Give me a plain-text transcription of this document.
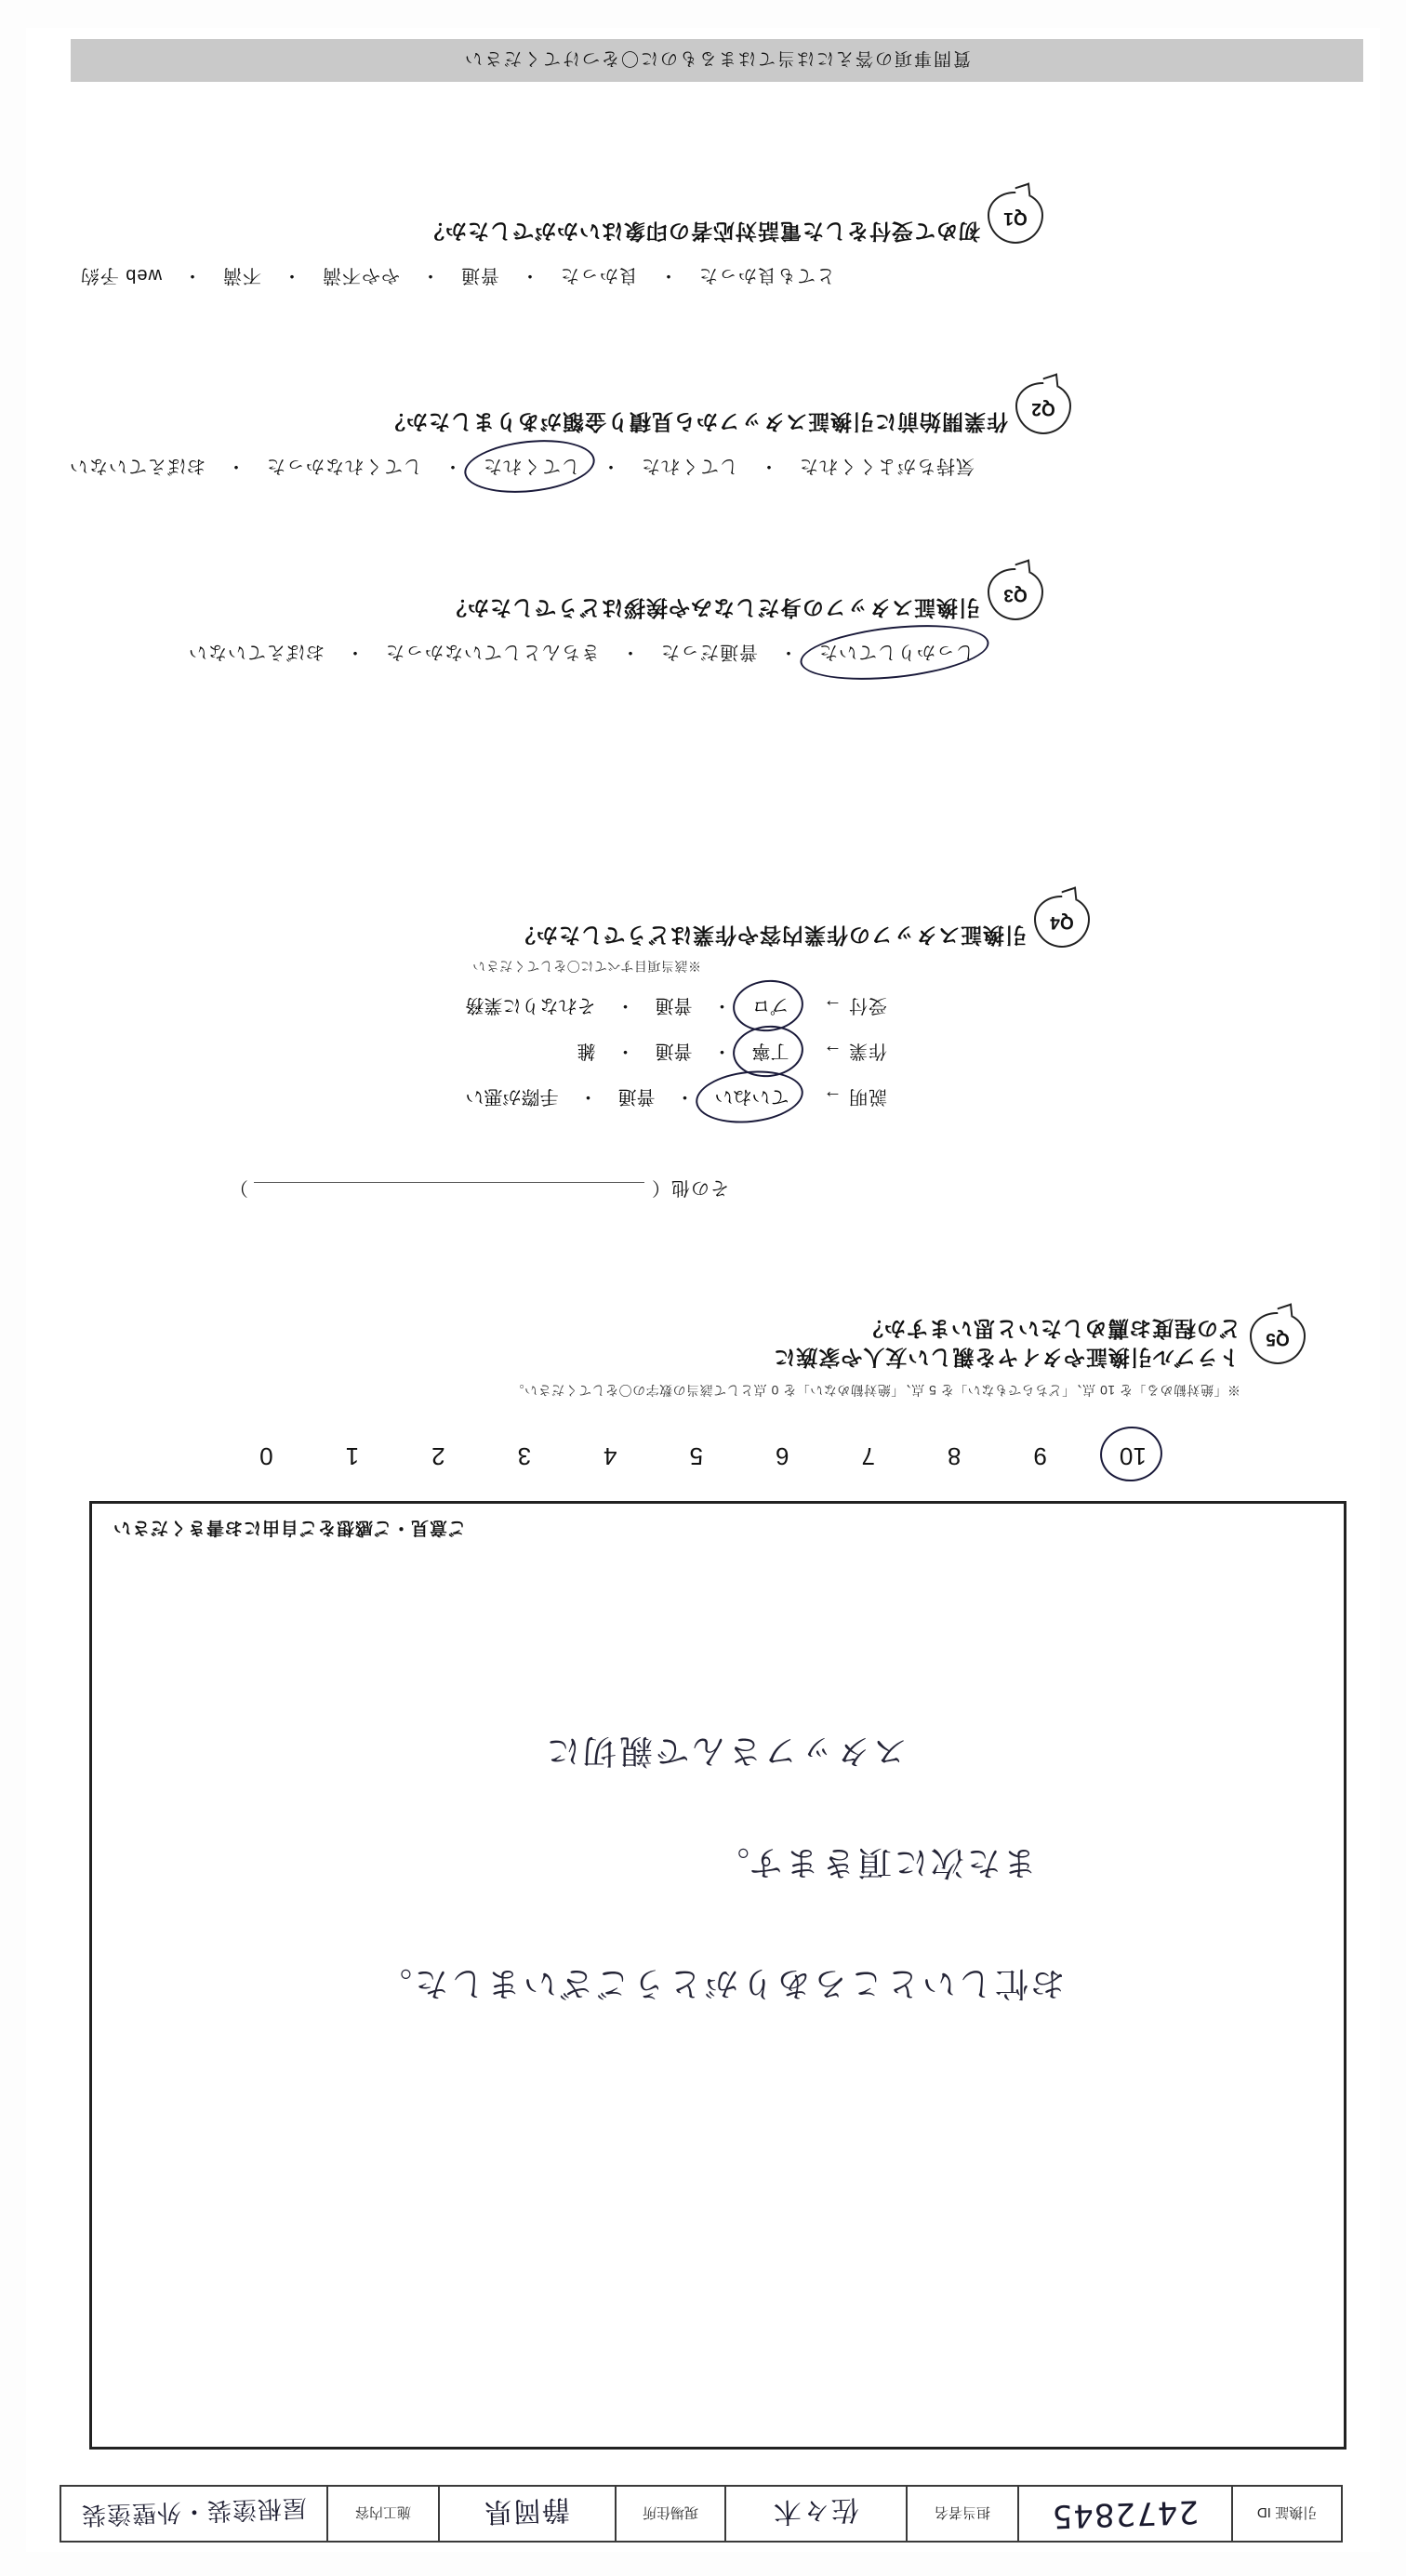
引換証 ID
2472845
担当者名
佐々木
現場住所
静岡県
施工内容
屋根塗装・外壁塗装
ご意見・ご感想をご自由にお書きください
お忙しいところありがとうございました。
また次に頂きます。
スタッフさんで親切に
10
9
8
7
6
5
4
3
2
1
0
※「絶対勧める」を 10 点、「どちらでもない」を 5 点、「絶対勧めない」を 0 点として該当の数字の〇をしてください。
Q5
トラブル引換証やタイヤを親しい友人や家族に
どの程度お薦めしたいと思いますか？
その他（  ）
説明 →
ていねい
・
普通
・
手際が悪い
作業 →
丁寧
・
普通
・
雑
受付 →
プロ
・
普通
・
それなりに業務
※該当項目すべてに〇をしてください
Q4
引換証スタッフの作業内容や作業はどうでしたか？
しっかりしていた
・
普通だった
・
きちんとしていなかった
・
おぼえていない
Q3
引換証スタッフの身だしなみや挨拶はどうでしたか？
気持ちがよくくれた
・
してくれた
・
してくれた
・
してくれなかった
・
おぼえていない
Q2
作業開始前に引換証スタッフから見積り金額がありましたか？
とても良かった
・
良かった
・
普通
・
やや不満
・
不満
・
web 予約
Q1
初めて受付をした電話対応者の印象はいかがでしたか？
質問事項の答えには当てはまるものに〇をつけてください
